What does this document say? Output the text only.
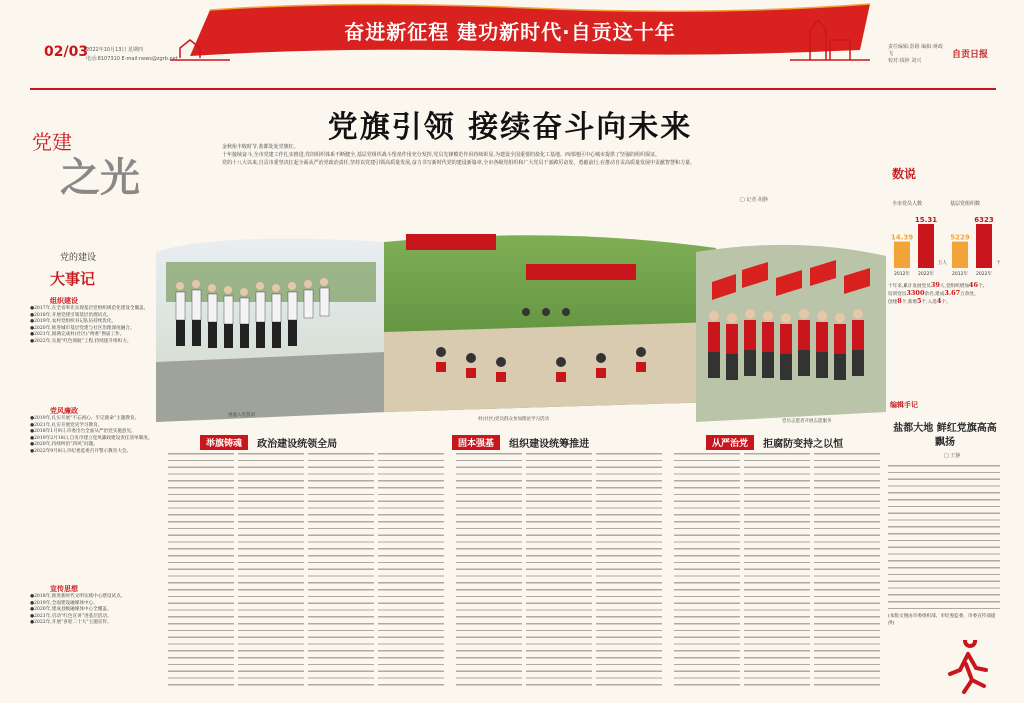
奋进新征程 建功新时代·自贡这十年
02/03
2022年10月13日 星期四
电话:8107310 E-mail:news@zgrb.net
责任编辑:彭路 编辑:蒋政飞
校对:钱婷 刘兴
自贡日报
党旗引领 接续奋斗向未来

金秋衔丰收时节,盐都处处党旗红。

十年接续奋斗,全市党建工作扎实推进,党的组织体系不断健全,基层党组织战斗堡垒作用充分发挥,党员先锋模范作用持续彰显,为建设全国重要的盐化工基地、西部地区中心城市提供了坚强的组织保证。

党的十八大以来,自贡市委坚决扛起全面从严治党政治责任,坚持以党建引领高质量发展,奋力书写新时代党的建设新篇章,全市各级党组织和广大党员干部踔厉奋发、勇毅前行,在推动自贡高质量发展中贡献智慧和力量。

□ 记者 胡静
党建
之光
党的建设
大事记
组织建设
●2017年,在全省率先实现基层党组织规范化建设全覆盖。
●2018年,开展党建引领基层治理试点。
●2019年,农村党组织书记队伍持续优化。
●2020年,推进城市基层党建与社区治理深度融合。
●2021年,圆满完成村(社区)“两委”换届工作。
●2022年,实施“红色领航”工程,持续提升组织力。
党风廉政
●2019年,扎实开展“不忘初心、牢记使命”主题教育。
●2021年,扎实开展党史学习教育。
●2018年1月9日,市委出台全面从严治党实施意见。
●2019年2月18日,自贡市建立党风廉政建设责任清单制度。
●2020年,持续纠治“四风”问题。
●2022年9月8日,市纪委监委召开警示教育大会。
宣传思想
●2018年,推进新时代文明实践中心建设试点。
●2019年,全面建设融媒体中心。
●2020年,建成县级融媒体中心全覆盖。
●2021年,启动“红色宣讲”进基层活动。
●2022年,开展“喜迎二十大”主题宣传。
重温入党誓词
村(社区)党员群众参加理论学习活动	党员志愿者开展志愿服务
举旗铸魂 政治建设统领全局	固本强基 组织建设统筹推进	从严治党 拒腐防变持之以恒
数说
全市党员人数	基层党组织数
14.39
2012年
15.31
2022年
万人
5229
2012年
6323
2022年
个
十年来,累计发展党员39人,党组织增加46个。
培训党员3300余名,建成3.67万余处。
创建8个,新增5个,入选4个。
编辑手记
盐都大地 鲜红党旗高高飘扬
□ 王静
(本版文图由市委组织部、市纪委监委、市委宣传部提供)
